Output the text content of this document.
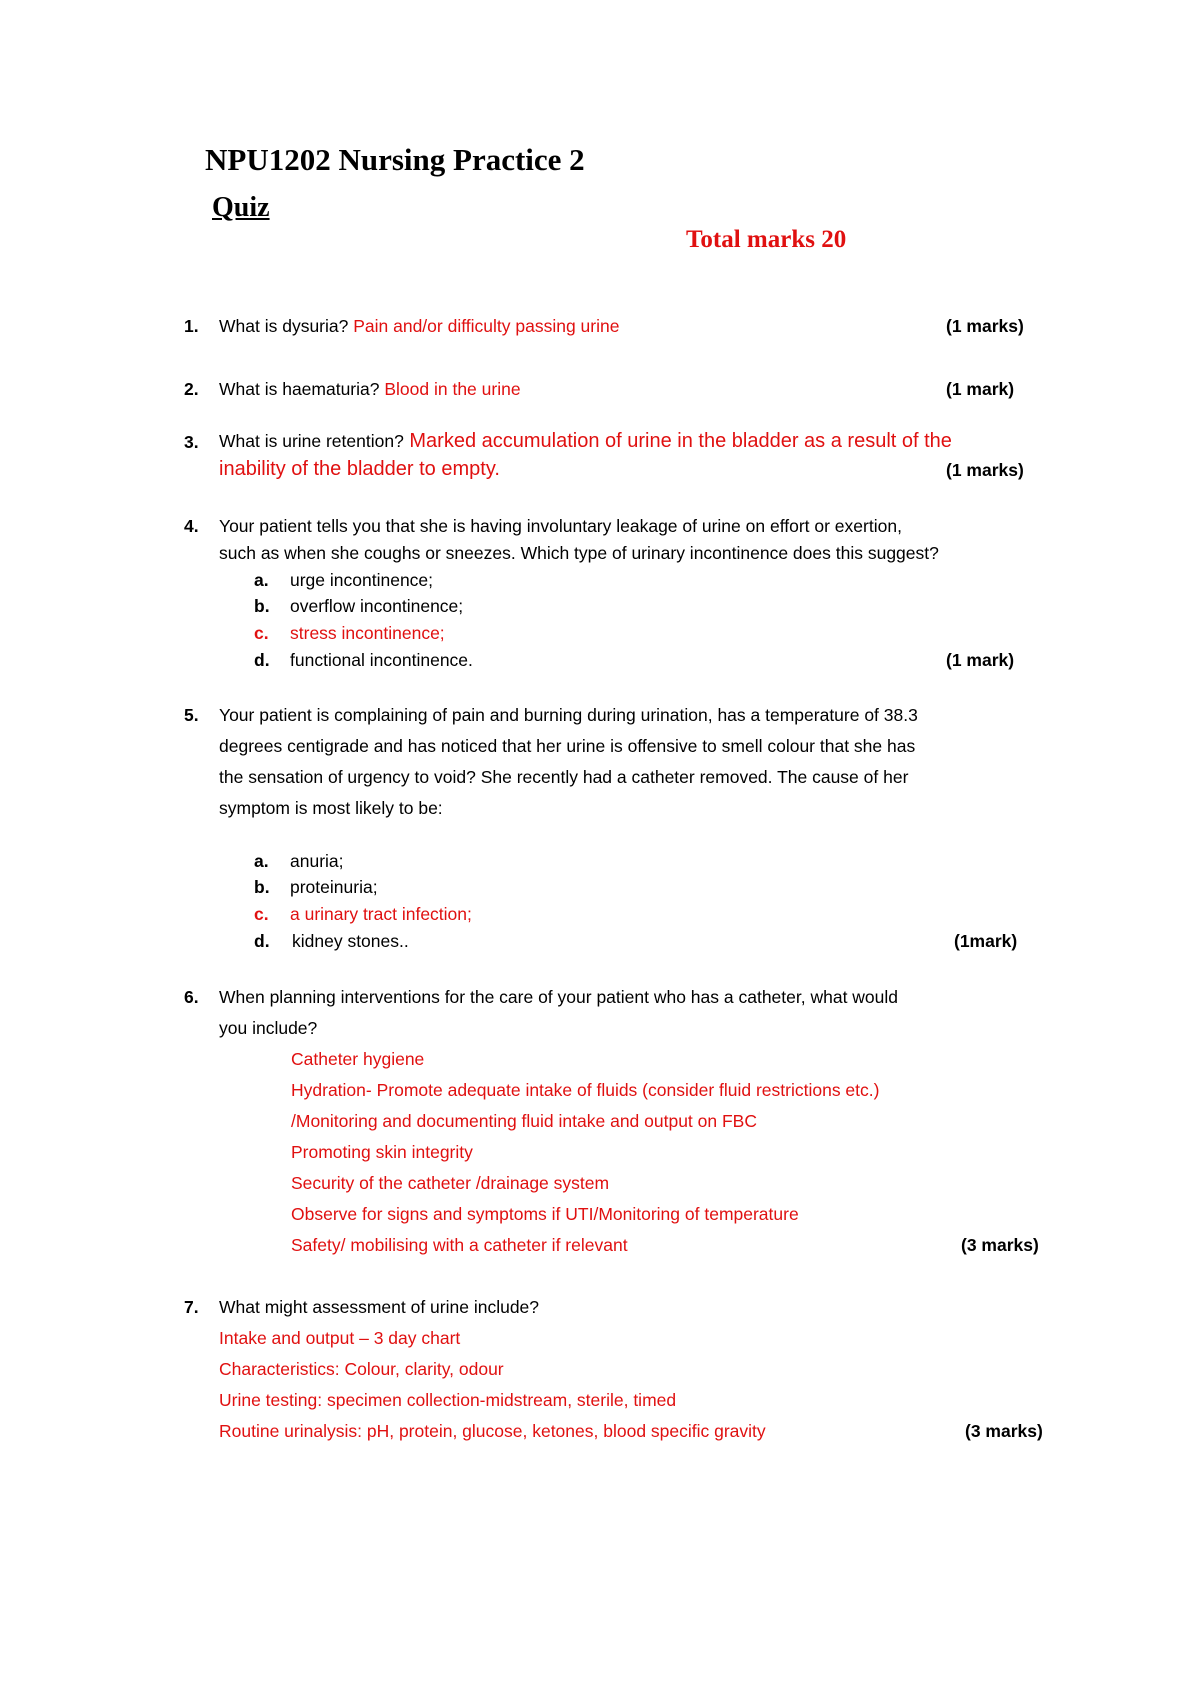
NPU1202 Nursing Practice 2
Quiz
Total marks 20
1. What is dysuria? Pain and/or difficulty passing urine	(1 marks)
2. What is haematuria? Blood in the urine	(1 mark)
3. What is urine retention? Marked accumulation of urine in the bladder as a result of the
inability of the bladder to empty.	(1 marks)
4. Your patient tells you that she is having involuntary leakage of urine on effort or exertion,
such as when she coughs or sneezes. Which type of urinary incontinence does this suggest?
a. urge incontinence;
b. overflow incontinence;
c. stress incontinence;
d. functional incontinence.	(1 mark)
5. Your patient is complaining of pain and burning during urination, has a temperature of 38.3
degrees centigrade and has noticed that her urine is offensive to smell colour that she has
the sensation of urgency to void? She recently had a catheter removed. The cause of her
symptom is most likely to be:
a. anuria;
b. proteinuria;
c. a urinary tract infection;
d. kidney stones..	(1mark)
6. When planning interventions for the care of your patient who has a catheter, what would
you include?
Catheter hygiene
Hydration- Promote adequate intake of fluids (consider fluid restrictions etc.)
/Monitoring and documenting fluid intake and output on FBC
Promoting skin integrity
Security of the catheter /drainage system
Observe for signs and symptoms if UTI/Monitoring of temperature
Safety/ mobilising with a catheter if relevant	(3 marks)
7. What might assessment of urine include?
Intake and output – 3 day chart
Characteristics: Colour, clarity, odour
Urine testing: specimen collection-midstream, sterile, timed
Routine urinalysis: pH, protein, glucose, ketones, blood specific gravity	(3 marks)
